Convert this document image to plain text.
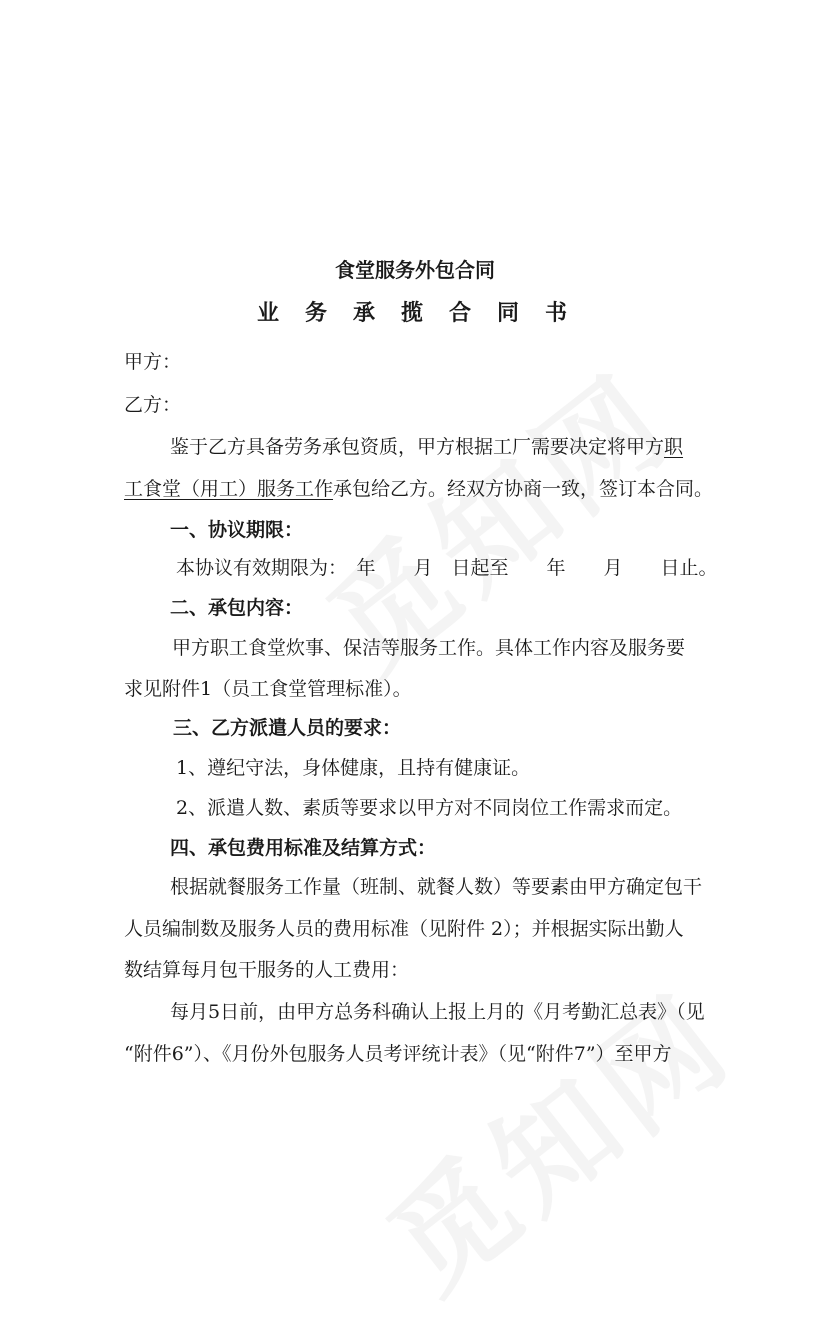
食堂服务外包合同
业务承揽合同书
甲方：
乙方：
鉴于乙方具备劳务承包资质，甲方根据工厂需要决定将甲方职
工食堂（用工）服务工作承包给乙方。经双方协商一致，签订本合同。
一、协议期限：
本协议有效期限为：　年　　月　日起至　　年　　月　　日止。
二、承包内容：
甲方职工食堂炊事、保洁等服务工作。具体工作内容及服务要
求见附件1（员工食堂管理标准）。
三、乙方派遣人员的要求：
1、遵纪守法，身体健康，且持有健康证。
2、派遣人数、素质等要求以甲方对不同岗位工作需求而定。
四、承包费用标准及结算方式：
根据就餐服务工作量（班制、就餐人数）等要素由甲方确定包干
人员编制数及服务人员的费用标准（见附件 2）；并根据实际出勤人
数结算每月包干服务的人工费用：
每月5日前，由甲方总务科确认上报上月的《月考勤汇总表》（见
“附件6”）、《月份外包服务人员考评统计表》（见“附件7”）至甲方
